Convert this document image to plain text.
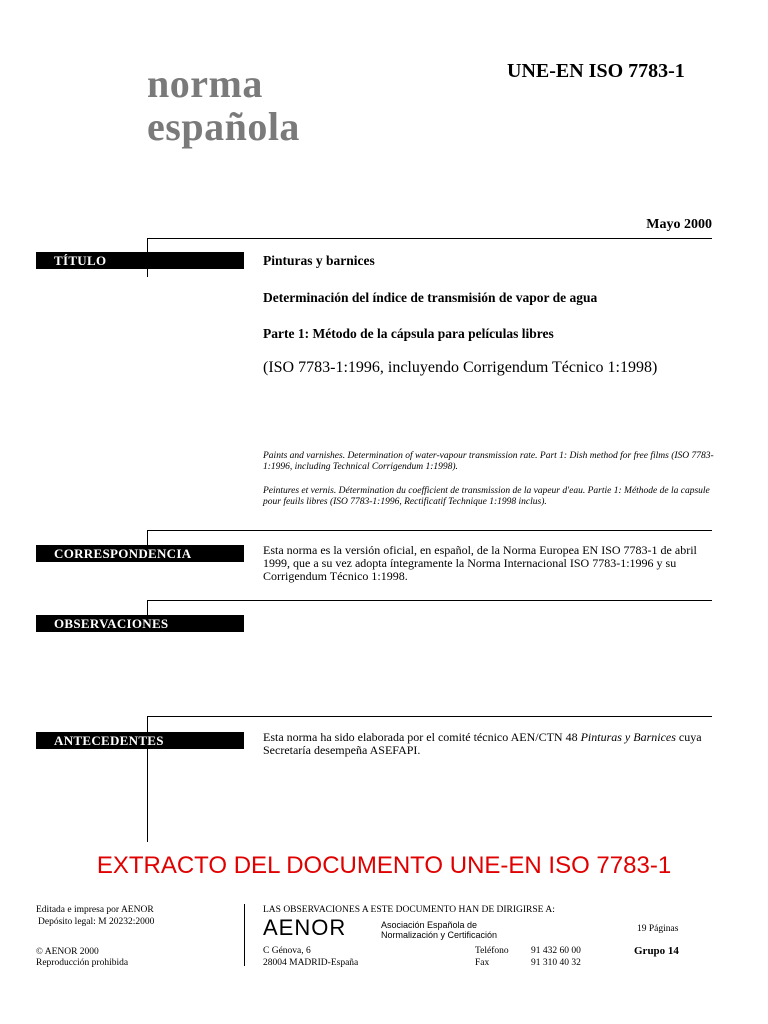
norma
española
UNE-EN ISO 7783-1
Mayo 2000
TÍTULO	Pinturas y barnices
Determinación del índice de transmisión de vapor de agua
Parte 1: Método de la cápsula para películas libres
(ISO 7783-1:1996, incluyendo Corrigendum Técnico 1:1998)
Paints and varnishes. Determination of water-vapour transmission rate. Part 1: Dish method for free films (ISO 7783-1:1996, including Technical Corrigendum 1:1998).
Peintures et vernis. Détermination du coefficient de transmission de la vapeur d'eau. Partie 1: Méthode de la capsule pour feuils libres (ISO 7783-1:1996, Rectificatif Technique 1:1998 inclus).
CORRESPONDENCIA	Esta norma es la versión oficial, en español, de la Norma Europea EN ISO 7783-1 de abril 1999, que a su vez adopta íntegramente la Norma Internacional ISO 7783-1:1996 y su Corrigendum Técnico 1:1998.
OBSERVACIONES
ANTECEDENTES	Esta norma ha sido elaborada por el comité técnico AEN/CTN 48 Pinturas y Barnices cuya Secretaría desempeña ASEFAPI.
EXTRACTO DEL DOCUMENTO UNE-EN ISO 7783-1
Editada e impresa por AENOR
Depósito legal: M 20232:2000
© AENOR 2000
Reproducción prohibida
LAS OBSERVACIONES A ESTE DOCUMENTO HAN DE DIRIGIRSE A:
AENOR	Asociación Española de
Normalización y Certificación
C Génova, 6
28004 MADRID-España
Teléfono 91 432 60 00
Fax	91 310 40 32
19 Páginas
Grupo 14
